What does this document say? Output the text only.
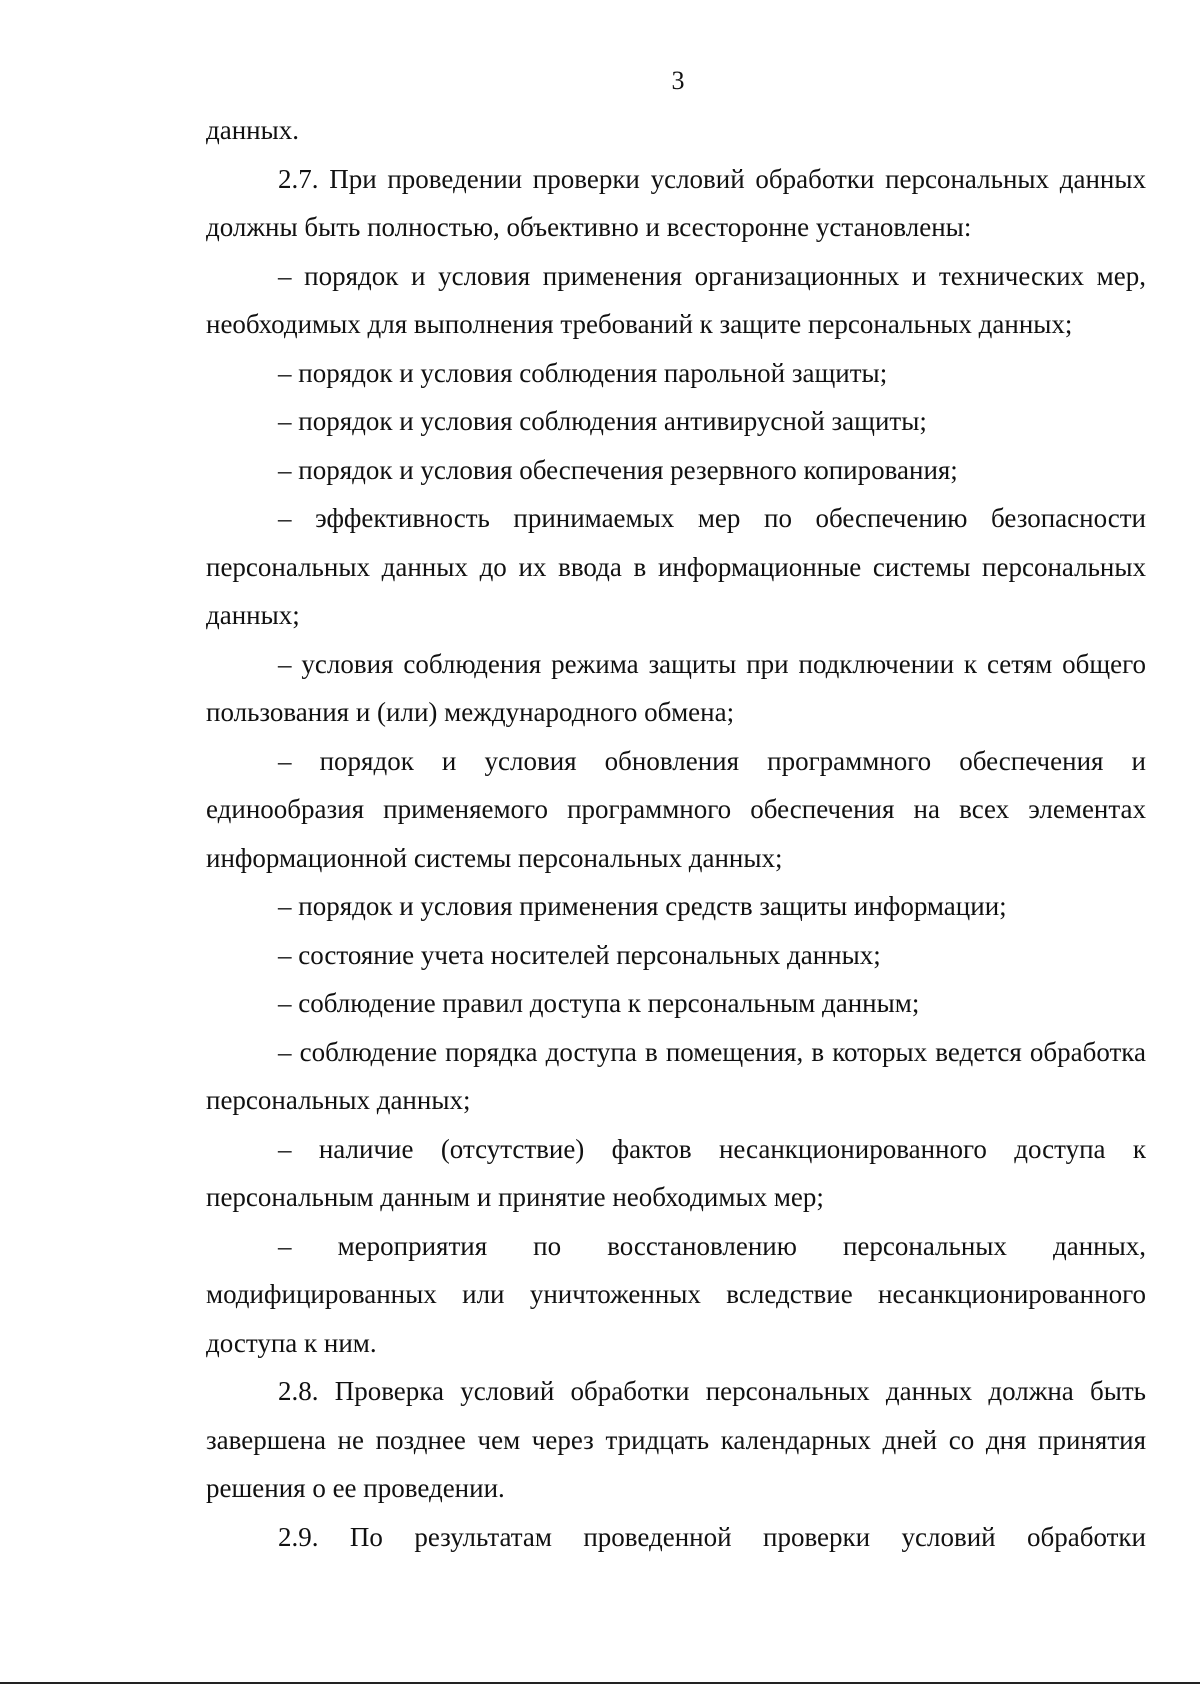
3

данных.

2.7. При проведении проверки условий обработки персональных данных должны быть полностью, объективно и всесторонне установлены:

– порядок и условия применения организационных и технических мер, необходимых для выполнения требований к защите персональных данных;

– порядок и условия соблюдения парольной защиты;

– порядок и условия соблюдения антивирусной защиты;

– порядок и условия обеспечения резервного копирования;

– эффективность принимаемых мер по обеспечению безопасности персональных данных до их ввода в информационные системы персональных данных;

– условия соблюдения режима защиты при подключении к сетям общего пользования и (или) международного обмена;

– порядок и условия обновления программного обеспечения и единообразия применяемого программного обеспечения на всех элементах информационной системы персональных данных;

– порядок и условия применения средств защиты информации;

– состояние учета носителей персональных данных;

– соблюдение правил доступа к персональным данным;

– соблюдение порядка доступа в помещения, в которых ведется обработка персональных данных;

– наличие (отсутствие) фактов несанкционированного доступа к персональным данным и принятие необходимых мер;

– мероприятия по восстановлению персональных данных, модифицированных или уничтоженных вследствие несанкционированного доступа к ним.

2.8. Проверка условий обработки персональных данных должна быть завершена не позднее чем через тридцать календарных дней со дня принятия решения о ее проведении.

2.9. По результатам проведенной проверки условий обработки
